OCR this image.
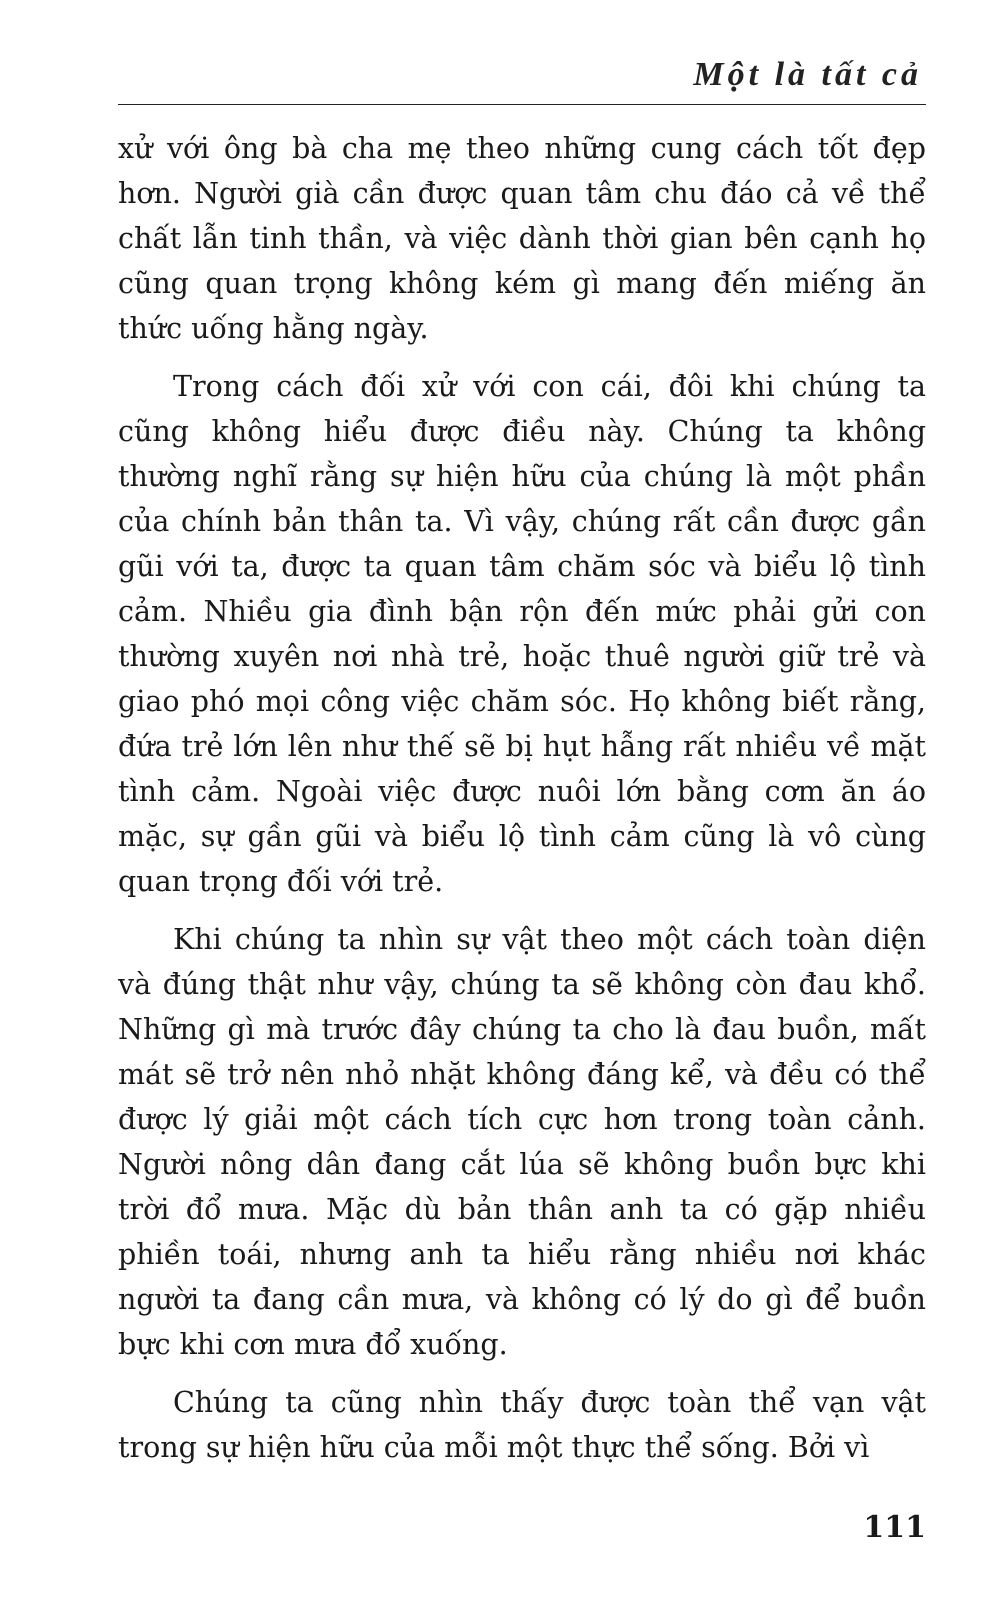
Một là tất cả

xử với ông bà cha mẹ theo những cung cách tốt đẹp hơn. Người già cần được quan tâm chu đáo cả về thể chất lẫn tinh thần, và việc dành thời gian bên cạnh họ cũng quan trọng không kém gì mang đến miếng ăn thức uống hằng ngày.

Trong cách đối xử với con cái, đôi khi chúng ta cũng không hiểu được điều này. Chúng ta không thường nghĩ rằng sự hiện hữu của chúng là một phần của chính bản thân ta. Vì vậy, chúng rất cần được gần gũi với ta, được ta quan tâm chăm sóc và biểu lộ tình cảm. Nhiều gia đình bận rộn đến mức phải gửi con thường xuyên nơi nhà trẻ, hoặc thuê người giữ trẻ và giao phó mọi công việc chăm sóc. Họ không biết rằng, đứa trẻ lớn lên như thế sẽ bị hụt hẫng rất nhiều về mặt tình cảm. Ngoài việc được nuôi lớn bằng cơm ăn áo mặc, sự gần gũi và biểu lộ tình cảm cũng là vô cùng quan trọng đối với trẻ.

Khi chúng ta nhìn sự vật theo một cách toàn diện và đúng thật như vậy, chúng ta sẽ không còn đau khổ. Những gì mà trước đây chúng ta cho là đau buồn, mất mát sẽ trở nên nhỏ nhặt không đáng kể, và đều có thể được lý giải một cách tích cực hơn trong toàn cảnh. Người nông dân đang cắt lúa sẽ không buồn bực khi trời đổ mưa. Mặc dù bản thân anh ta có gặp nhiều phiền toái, nhưng anh ta hiểu rằng nhiều nơi khác người ta đang cần mưa, và không có lý do gì để buồn bực khi cơn mưa đổ xuống.

Chúng ta cũng nhìn thấy được toàn thể vạn vật trong sự hiện hữu của mỗi một thực thể sống. Bởi vì

111
